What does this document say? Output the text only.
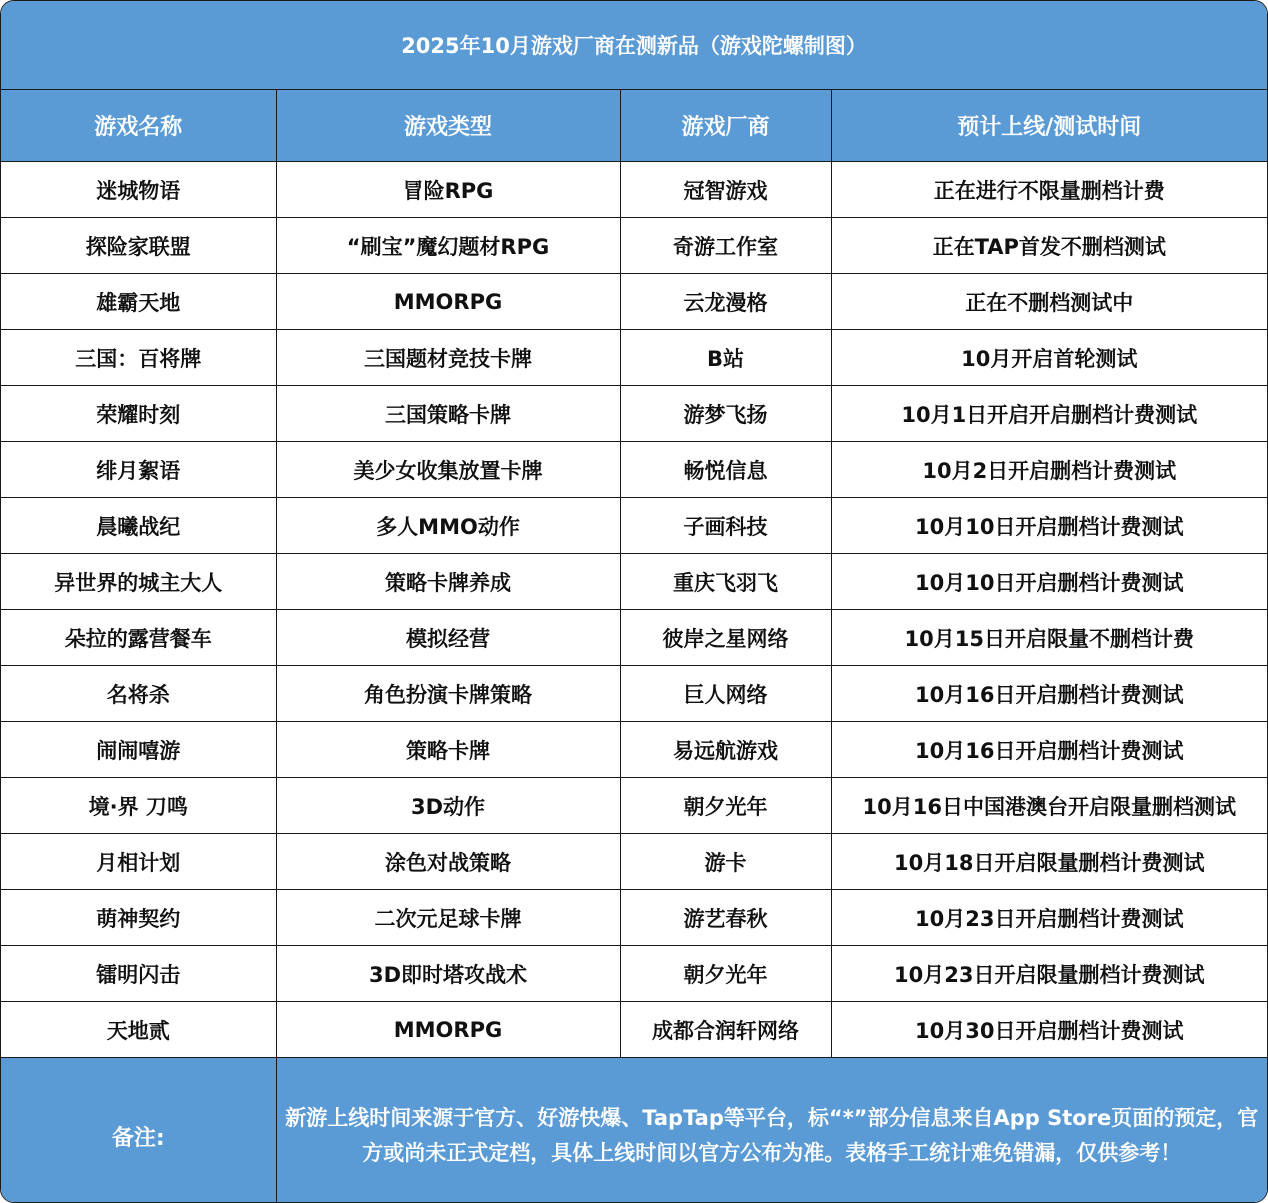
2025年10月游戏厂商在测新品（游戏陀螺制图）			
游戏名称	游戏类型	游戏厂商	预计上线/测试时间
迷城物语	冒险RPG	冠智游戏	正在进行不限量删档计费
探险家联盟	“刷宝”魔幻题材RPG	奇游工作室	正在TAP首发不删档测试
雄霸天地	MMORPG	云龙漫格	正在不删档测试中
三国：百将牌	三国题材竞技卡牌	B站	10月开启首轮测试
荣耀时刻	三国策略卡牌	游梦飞扬	10月1日开启开启删档计费测试
绯月絮语	美少女收集放置卡牌	畅悦信息	10月2日开启删档计费测试
晨曦战纪	多人MMO动作	子画科技	10月10日开启删档计费测试
异世界的城主大人	策略卡牌养成	重庆飞羽飞	10月10日开启删档计费测试
朵拉的露营餐车	模拟经营	彼岸之星网络	10月15日开启限量不删档计费
名将杀	角色扮演卡牌策略	巨人网络	10月16日开启删档计费测试
闹闹嘻游	策略卡牌	易远航游戏	10月16日开启删档计费测试
境·界 刀鸣	3D动作	朝夕光年	10月16日中国港澳台开启限量删档测试
月相计划	涂色对战策略	游卡	10月18日开启限量删档计费测试
萌神契约	二次元足球卡牌	游艺春秋	10月23日开启删档计费测试
镭明闪击	3D即时塔攻战术	朝夕光年	10月23日开启限量删档计费测试
天地贰	MMORPG	成都合润轩网络	10月30日开启删档计费测试
备注:	新游上线时间来源于官方、好游快爆、TapTap等平台，标“*”部分信息来自App Store页面的预定，官方或尚未正式定档，具体上线时间以官方公布为准。表格手工统计难免错漏，仅供参考！		
